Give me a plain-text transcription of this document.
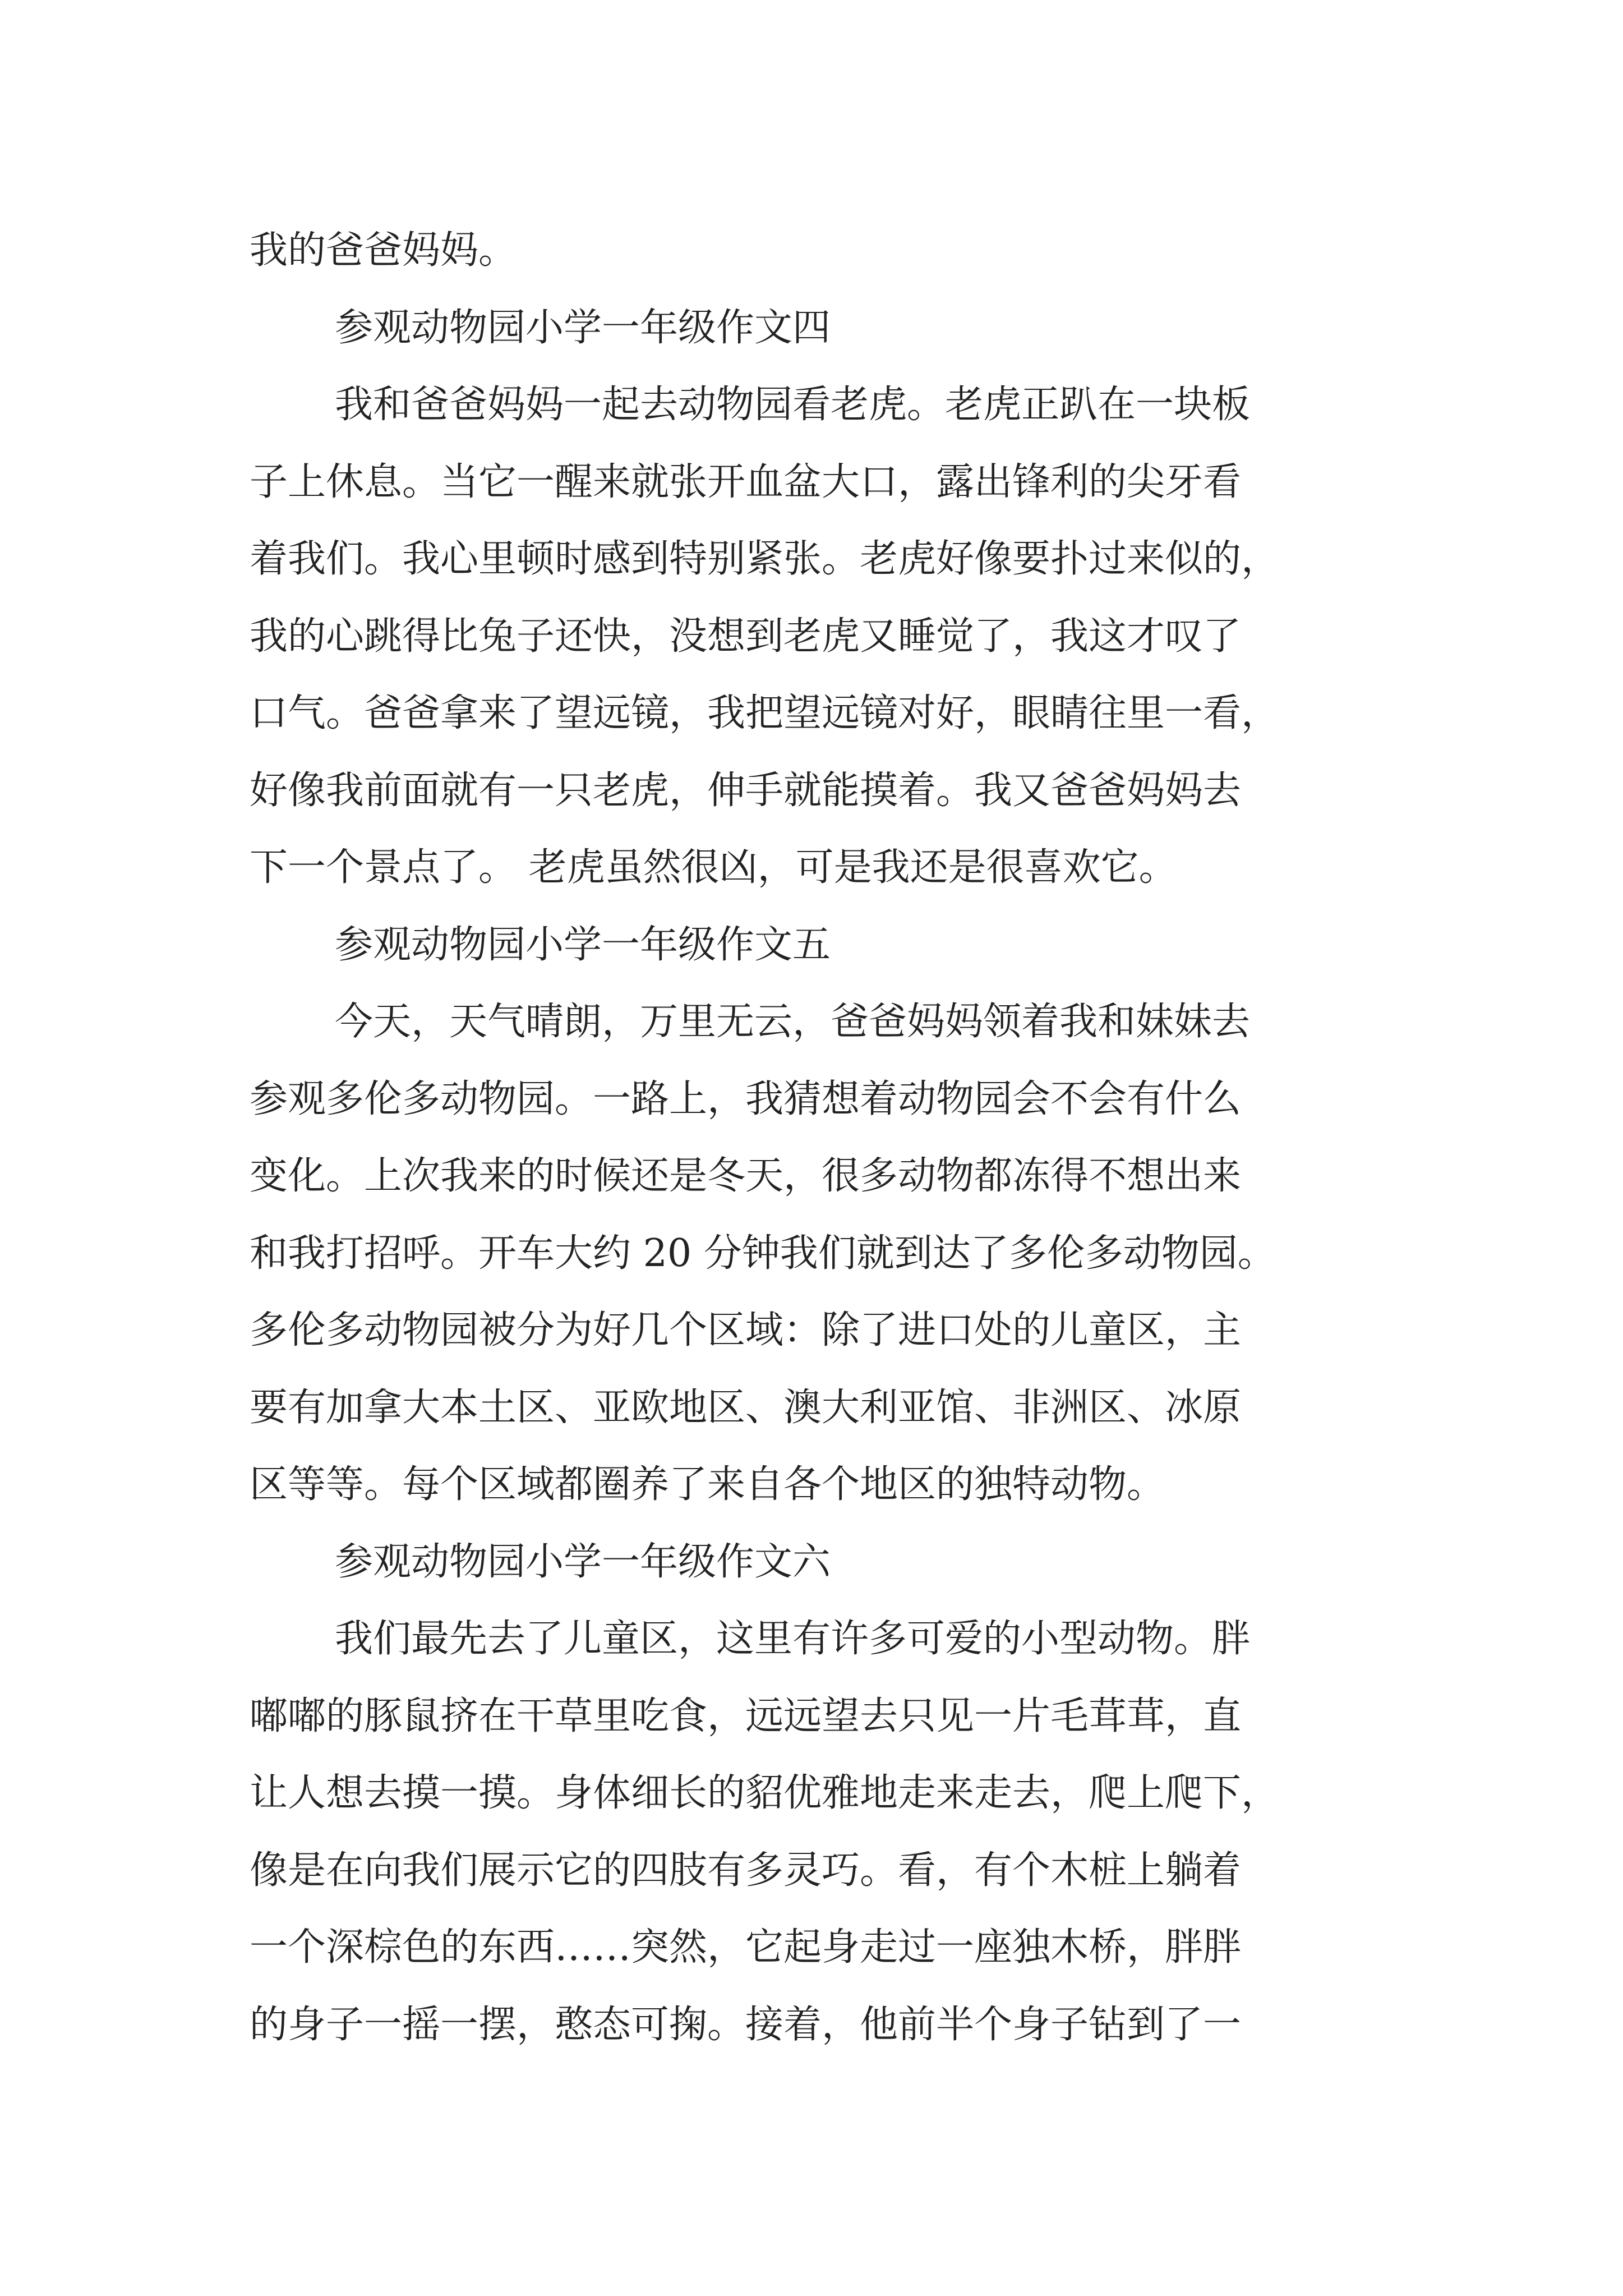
我的爸爸妈妈。
参观动物园小学一年级作文四
我和爸爸妈妈一起去动物园看老虎。老虎正趴在一块板
子上休息。当它一醒来就张开血盆大口，露出锋利的尖牙看
着我们。我心里顿时感到特别紧张。老虎好像要扑过来似的，
我的心跳得比兔子还快，没想到老虎又睡觉了，我这才叹了
口气。爸爸拿来了望远镜，我把望远镜对好，眼睛往里一看，
好像我前面就有一只老虎，伸手就能摸着。我又爸爸妈妈去
下一个景点了。 老虎虽然很凶，可是我还是很喜欢它。
参观动物园小学一年级作文五
今天，天气晴朗，万里无云，爸爸妈妈领着我和妹妹去
参观多伦多动物园。一路上，我猜想着动物园会不会有什么
变化。上次我来的时候还是冬天，很多动物都冻得不想出来
和我打招呼。开车大约 20 分钟我们就到达了多伦多动物园。
多伦多动物园被分为好几个区域：除了进口处的儿童区，主
要有加拿大本土区、亚欧地区、澳大利亚馆、非洲区、冰原
区等等。每个区域都圈养了来自各个地区的独特动物。
参观动物园小学一年级作文六
我们最先去了儿童区，这里有许多可爱的小型动物。胖
嘟嘟的豚鼠挤在干草里吃食，远远望去只见一片毛茸茸，直
让人想去摸一摸。身体细长的貂优雅地走来走去，爬上爬下，
像是在向我们展示它的四肢有多灵巧。看，有个木桩上躺着
一个深棕色的东西……突然，它起身走过一座独木桥，胖胖
的身子一摇一摆，憨态可掬。接着，他前半个身子钻到了一
